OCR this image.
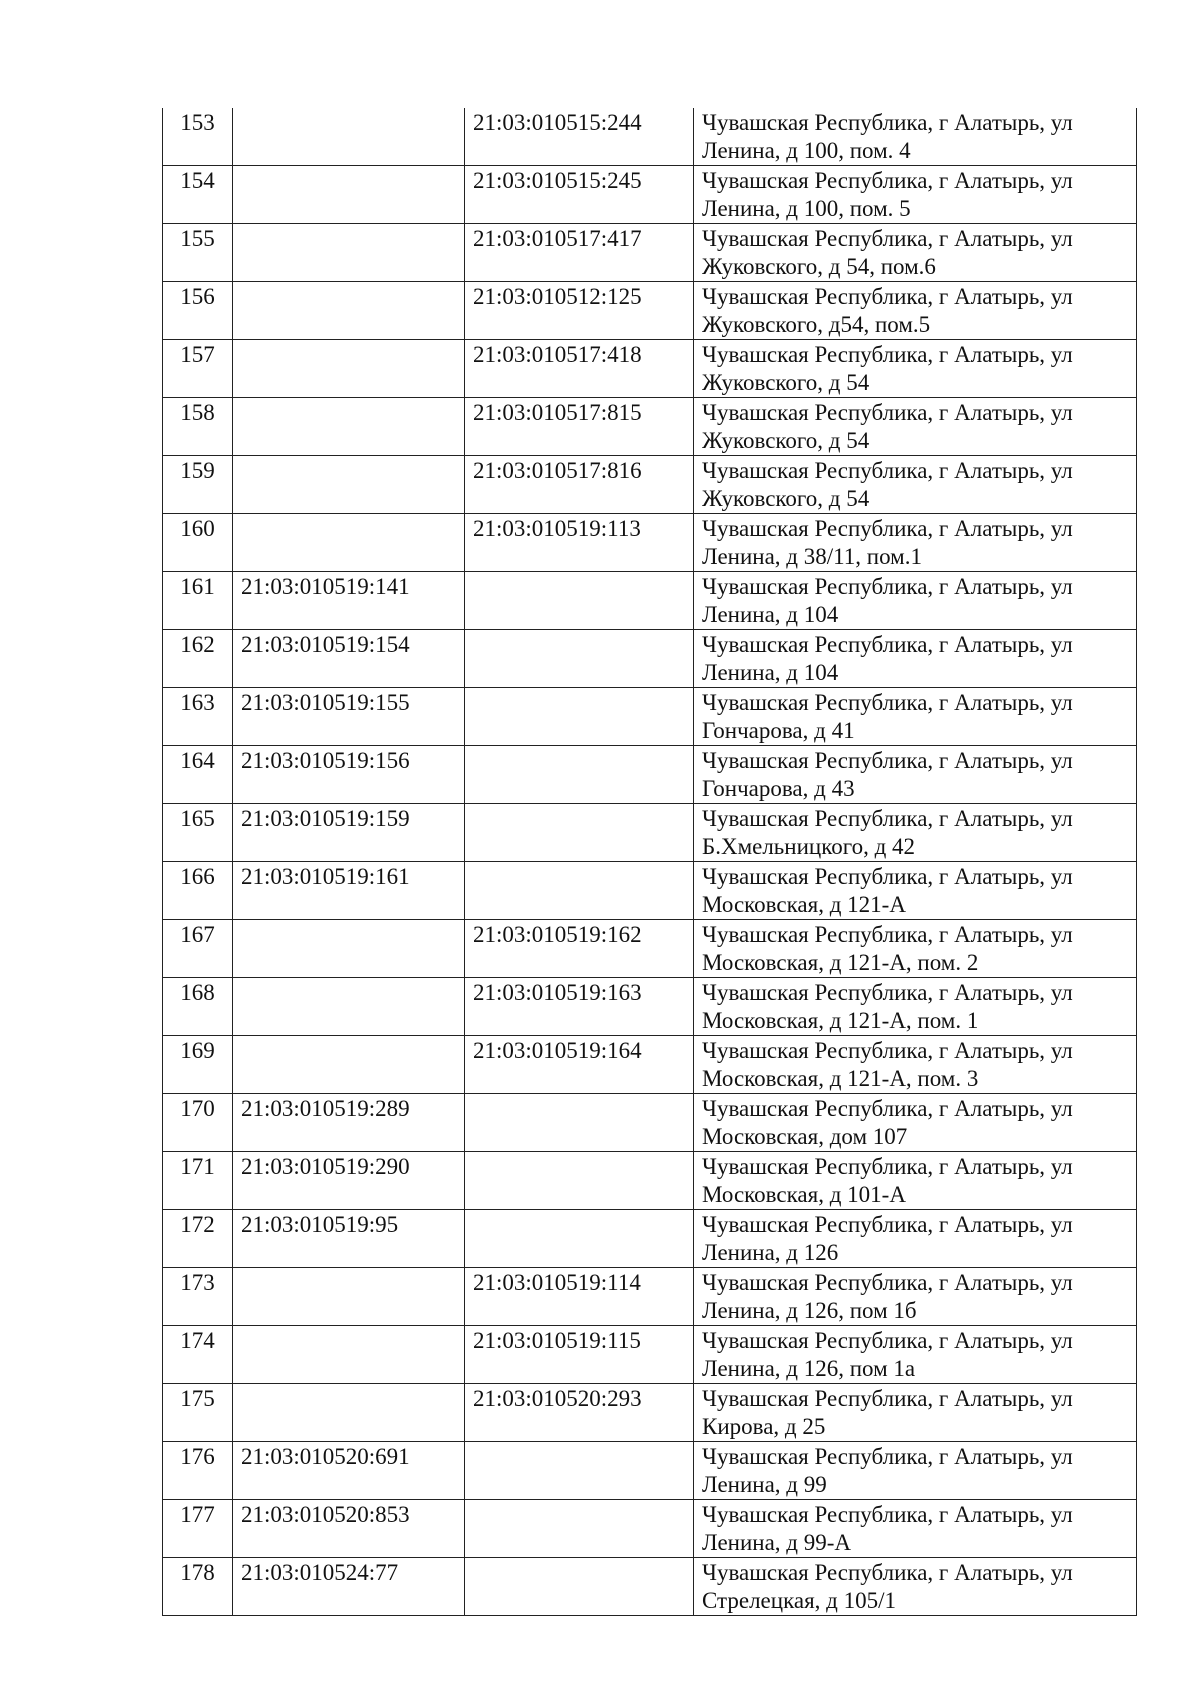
153		21:03:010515:244	Чувашская Республика, г Алатырь, ул
Ленина, д 100, пом. 4

154		21:03:010515:245	Чувашская Республика, г Алатырь, ул
Ленина, д 100, пом. 5

155		21:03:010517:417	Чувашская Республика, г Алатырь, ул
Жуковского, д 54, пом.6

156		21:03:010512:125	Чувашская Республика, г Алатырь, ул
Жуковского, д54, пом.5

157		21:03:010517:418	Чувашская Республика, г Алатырь, ул
Жуковского, д 54

158		21:03:010517:815	Чувашская Республика, г Алатырь, ул
Жуковского, д 54

159		21:03:010517:816	Чувашская Республика, г Алатырь, ул
Жуковского, д 54

160		21:03:010519:113	Чувашская Республика, г Алатырь, ул
Ленина, д 38/11, пом.1

161	21:03:010519:141		Чувашская Республика, г Алатырь, ул
Ленина, д 104

162	21:03:010519:154		Чувашская Республика, г Алатырь, ул
Ленина, д 104

163	21:03:010519:155		Чувашская Республика, г Алатырь, ул
Гончарова, д 41

164	21:03:010519:156		Чувашская Республика, г Алатырь, ул
Гончарова, д 43

165	21:03:010519:159		Чувашская Республика, г Алатырь, ул
Б.Хмельницкого, д 42

166	21:03:010519:161		Чувашская Республика, г Алатырь, ул
Московская, д 121-А

167		21:03:010519:162	Чувашская Республика, г Алатырь, ул
Московская, д 121-А, пом. 2

168		21:03:010519:163	Чувашская Республика, г Алатырь, ул
Московская, д 121-А, пом. 1

169		21:03:010519:164	Чувашская Республика, г Алатырь, ул
Московская, д 121-А, пом. 3

170	21:03:010519:289		Чувашская Республика, г Алатырь, ул
Московская, дом 107

171	21:03:010519:290		Чувашская Республика, г Алатырь, ул
Московская, д 101-А

172	21:03:010519:95		Чувашская Республика, г Алатырь, ул
Ленина, д 126

173		21:03:010519:114	Чувашская Республика, г Алатырь, ул
Ленина, д 126, пом 1б

174		21:03:010519:115	Чувашская Республика, г Алатырь, ул
Ленина, д 126, пом 1а

175		21:03:010520:293	Чувашская Республика, г Алатырь, ул
Кирова, д 25

176	21:03:010520:691		Чувашская Республика, г Алатырь, ул
Ленина, д 99

177	21:03:010520:853		Чувашская Республика, г Алатырь, ул
Ленина, д 99-А

178	21:03:010524:77		Чувашская Республика, г Алатырь, ул
Стрелецкая, д 105/1
